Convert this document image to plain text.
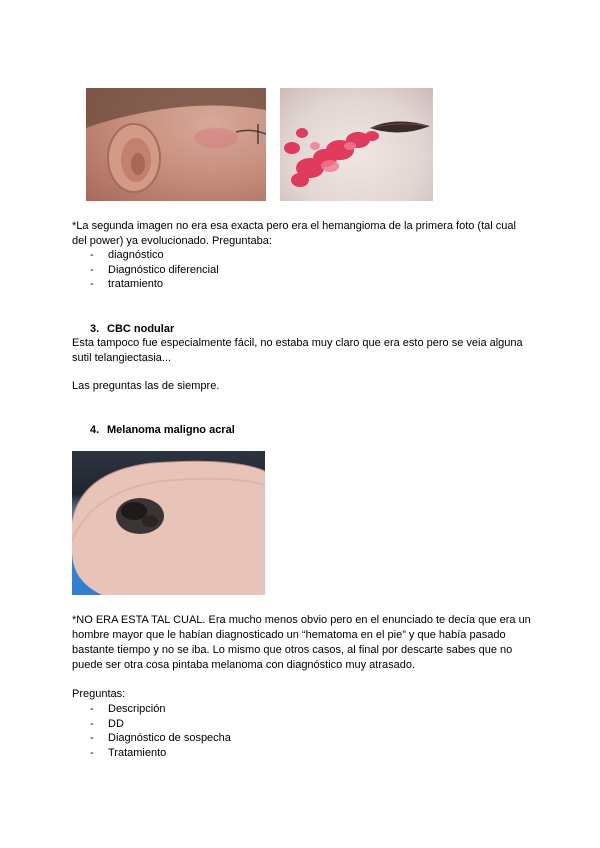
*La segunda imagen no era esa exacta pero era el hemangioma de la primera foto (tal cual del power) ya evolucionado. Preguntaba:
- diagnóstico
- Diagnóstico diferencial
- tratamiento
3. CBC nodular
Esta tampoco fue especialmente fácil, no estaba muy claro que era esto pero se veia alguna sutil telangiectasia...
Las preguntas las de siempre.
4. Melanoma maligno acral
*NO ERA ESTA TAL CUAL. Era mucho menos obvio pero en el enunciado te decía que era un hombre mayor que le habían diagnosticado un “hematoma en el pie” y que había pasado bastante tiempo y no se iba. Lo mismo que otros casos, al final por descarte sabes que no puede ser otra cosa pintaba melanoma con diagnóstico muy atrasado.
Preguntas:
- Descripción
- DD
- Diagnóstico de sospecha
- Tratamiento
